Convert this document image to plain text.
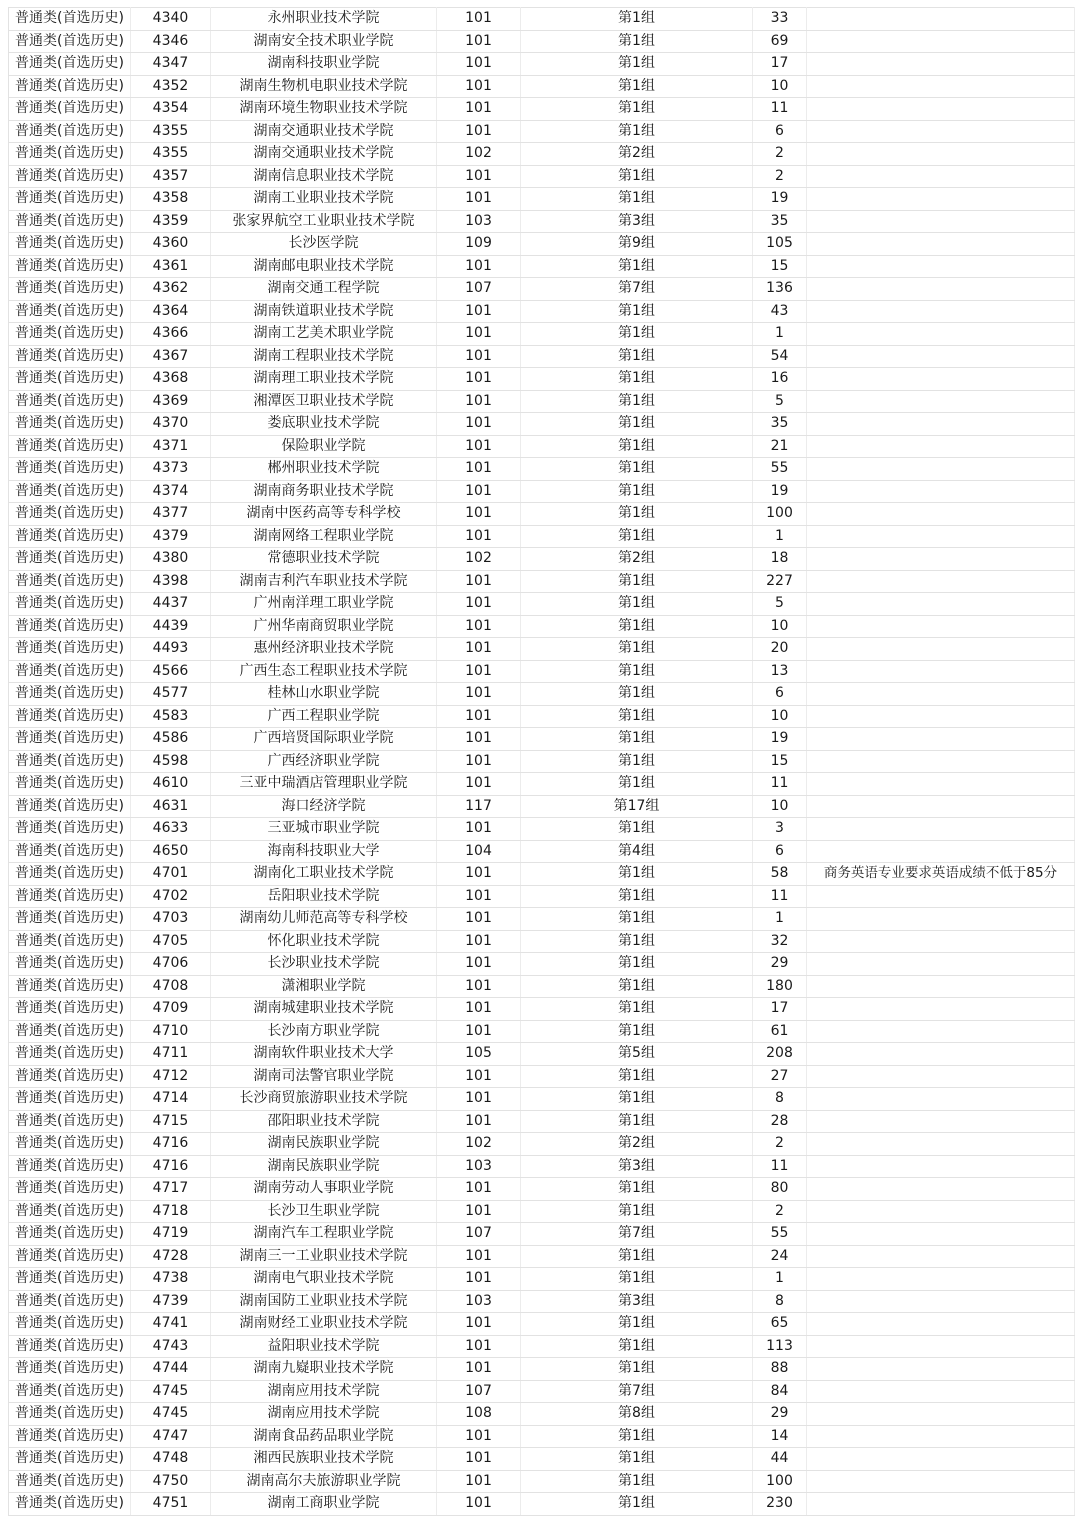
普通类(首选历史)	4340	永州职业技术学院	101	第1组	33	
普通类(首选历史)	4346	湖南安全技术职业学院	101	第1组	69	
普通类(首选历史)	4347	湖南科技职业学院	101	第1组	17	
普通类(首选历史)	4352	湖南生物机电职业技术学院	101	第1组	10	
普通类(首选历史)	4354	湖南环境生物职业技术学院	101	第1组	11	
普通类(首选历史)	4355	湖南交通职业技术学院	101	第1组	6	
普通类(首选历史)	4355	湖南交通职业技术学院	102	第2组	2	
普通类(首选历史)	4357	湖南信息职业技术学院	101	第1组	2	
普通类(首选历史)	4358	湖南工业职业技术学院	101	第1组	19	
普通类(首选历史)	4359	张家界航空工业职业技术学院	103	第3组	35	
普通类(首选历史)	4360	长沙医学院	109	第9组	105	
普通类(首选历史)	4361	湖南邮电职业技术学院	101	第1组	15	
普通类(首选历史)	4362	湖南交通工程学院	107	第7组	136	
普通类(首选历史)	4364	湖南铁道职业技术学院	101	第1组	43	
普通类(首选历史)	4366	湖南工艺美术职业学院	101	第1组	1	
普通类(首选历史)	4367	湖南工程职业技术学院	101	第1组	54	
普通类(首选历史)	4368	湖南理工职业技术学院	101	第1组	16	
普通类(首选历史)	4369	湘潭医卫职业技术学院	101	第1组	5	
普通类(首选历史)	4370	娄底职业技术学院	101	第1组	35	
普通类(首选历史)	4371	保险职业学院	101	第1组	21	
普通类(首选历史)	4373	郴州职业技术学院	101	第1组	55	
普通类(首选历史)	4374	湖南商务职业技术学院	101	第1组	19	
普通类(首选历史)	4377	湖南中医药高等专科学校	101	第1组	100	
普通类(首选历史)	4379	湖南网络工程职业学院	101	第1组	1	
普通类(首选历史)	4380	常德职业技术学院	102	第2组	18	
普通类(首选历史)	4398	湖南吉利汽车职业技术学院	101	第1组	227	
普通类(首选历史)	4437	广州南洋理工职业学院	101	第1组	5	
普通类(首选历史)	4439	广州华南商贸职业学院	101	第1组	10	
普通类(首选历史)	4493	惠州经济职业技术学院	101	第1组	20	
普通类(首选历史)	4566	广西生态工程职业技术学院	101	第1组	13	
普通类(首选历史)	4577	桂林山水职业学院	101	第1组	6	
普通类(首选历史)	4583	广西工程职业学院	101	第1组	10	
普通类(首选历史)	4586	广西培贤国际职业学院	101	第1组	19	
普通类(首选历史)	4598	广西经济职业学院	101	第1组	15	
普通类(首选历史)	4610	三亚中瑞酒店管理职业学院	101	第1组	11	
普通类(首选历史)	4631	海口经济学院	117	第17组	10	
普通类(首选历史)	4633	三亚城市职业学院	101	第1组	3	
普通类(首选历史)	4650	海南科技职业大学	104	第4组	6	
普通类(首选历史)	4701	湖南化工职业技术学院	101	第1组	58	商务英语专业要求英语成绩不低于85分
普通类(首选历史)	4702	岳阳职业技术学院	101	第1组	11	
普通类(首选历史)	4703	湖南幼儿师范高等专科学校	101	第1组	1	
普通类(首选历史)	4705	怀化职业技术学院	101	第1组	32	
普通类(首选历史)	4706	长沙职业技术学院	101	第1组	29	
普通类(首选历史)	4708	潇湘职业学院	101	第1组	180	
普通类(首选历史)	4709	湖南城建职业技术学院	101	第1组	17	
普通类(首选历史)	4710	长沙南方职业学院	101	第1组	61	
普通类(首选历史)	4711	湖南软件职业技术大学	105	第5组	208	
普通类(首选历史)	4712	湖南司法警官职业学院	101	第1组	27	
普通类(首选历史)	4714	长沙商贸旅游职业技术学院	101	第1组	8	
普通类(首选历史)	4715	邵阳职业技术学院	101	第1组	28	
普通类(首选历史)	4716	湖南民族职业学院	102	第2组	2	
普通类(首选历史)	4716	湖南民族职业学院	103	第3组	11	
普通类(首选历史)	4717	湖南劳动人事职业学院	101	第1组	80	
普通类(首选历史)	4718	长沙卫生职业学院	101	第1组	2	
普通类(首选历史)	4719	湖南汽车工程职业学院	107	第7组	55	
普通类(首选历史)	4728	湖南三一工业职业技术学院	101	第1组	24	
普通类(首选历史)	4738	湖南电气职业技术学院	101	第1组	1	
普通类(首选历史)	4739	湖南国防工业职业技术学院	103	第3组	8	
普通类(首选历史)	4741	湖南财经工业职业技术学院	101	第1组	65	
普通类(首选历史)	4743	益阳职业技术学院	101	第1组	113	
普通类(首选历史)	4744	湖南九嶷职业技术学院	101	第1组	88	
普通类(首选历史)	4745	湖南应用技术学院	107	第7组	84	
普通类(首选历史)	4745	湖南应用技术学院	108	第8组	29	
普通类(首选历史)	4747	湖南食品药品职业学院	101	第1组	14	
普通类(首选历史)	4748	湘西民族职业技术学院	101	第1组	44	
普通类(首选历史)	4750	湖南高尔夫旅游职业学院	101	第1组	100	
普通类(首选历史)	4751	湖南工商职业学院	101	第1组	230	
